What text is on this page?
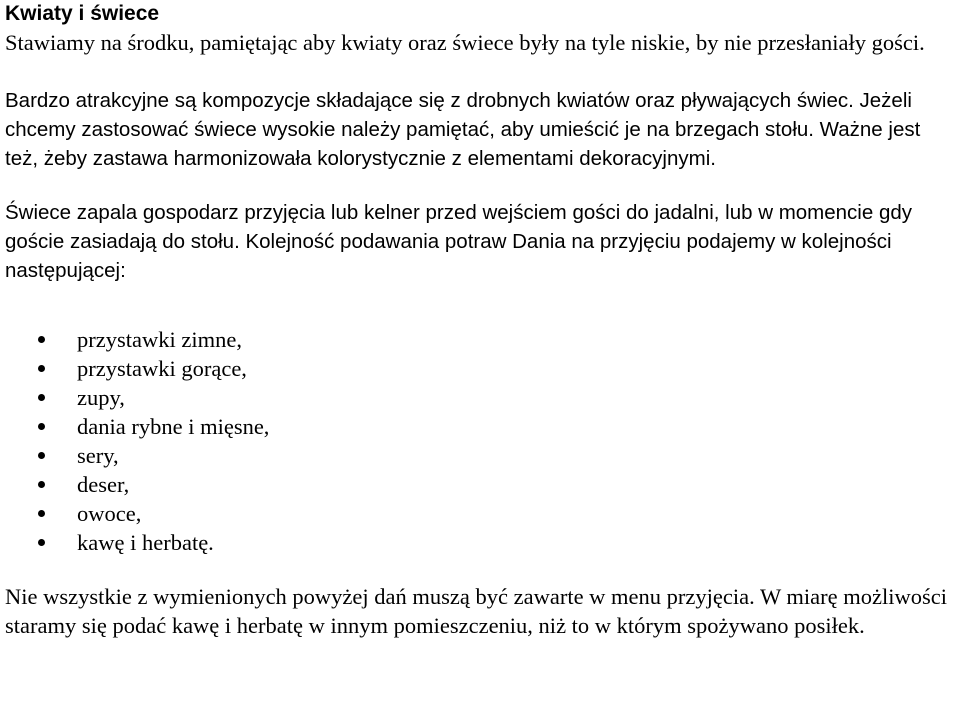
Kwiaty i świece

Stawiamy na środku, pamiętając aby kwiaty oraz świece były na tyle niskie, by nie przesłaniały gości.

Bardzo atrakcyjne są kompozycje składające się z drobnych kwiatów oraz pływających świec. Jeżeli chcemy zastosować świece wysokie należy pamiętać, aby umieścić je na brzegach stołu. Ważne jest też, żeby zastawa harmonizowała kolorystycznie z elementami dekoracyjnymi.

Świece zapala gospodarz przyjęcia lub kelner przed wejściem gości do jadalni, lub w momencie gdy goście zasiadają do stołu. Kolejność podawania potraw Dania na przyjęciu podajemy w kolejności następującej:

przystawki zimne,
przystawki gorące,
zupy,
dania rybne i mięsne,
sery,
deser,
owoce,
kawę i herbatę.

Nie wszystkie z wymienionych powyżej dań muszą być zawarte w menu przyjęcia. W miarę możliwości staramy się podać kawę i herbatę w innym pomieszczeniu, niż to w którym spożywano posiłek.
